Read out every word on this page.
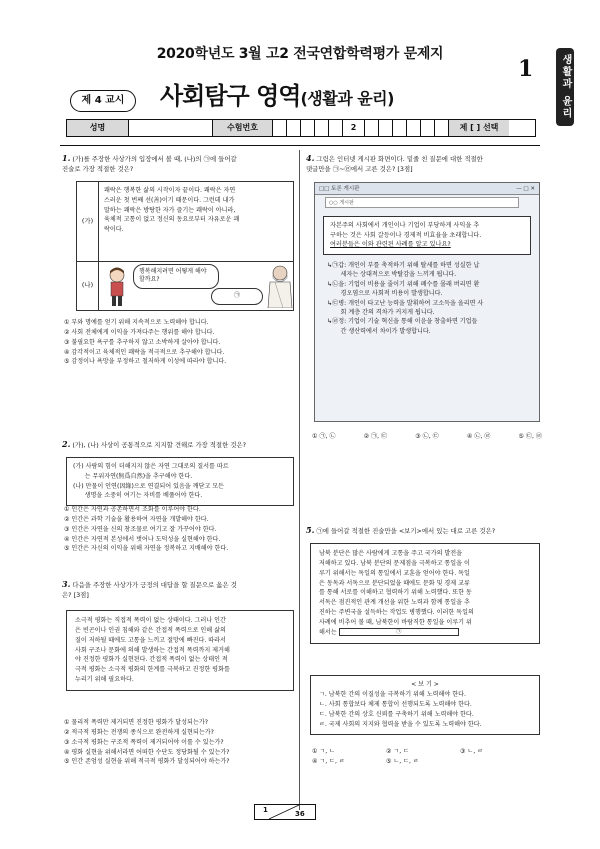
2020학년도 3월 고2 전국연합학력평가 문제지
1	생활과 윤리
제 4 교시	사회탐구 영역(생활과 윤리)
성명	수험번호	2	제 [ ] 선택
1. (가)를 주장한 사상가의 입장에서 볼 때, (나)의 ㉠에 들어갈
진술로 가장 적절한 것은?
(가)
쾌락은 행복한 삶의 시작이자 끝이다. 쾌락은 자연
스러운 첫 번째 선(善)이기 때문이다. 그런데 내가
말하는 쾌락은 방탕한 자가 즐기는 쾌락이 아니라,
육체적 고통이 없고 정신의 동요로부터 자유로운 쾌
락이다.
(나)
행복해지려면 어떻게 해야 할까요?
㉠
① 부와 명예를 얻기 위해 지속적으로 노력해야 합니다.
② 사회 전체에게 이익을 가져다주는 행위를 해야 합니다.
③ 불필요한 욕구를 추구하지 않고 소박하게 살아야 합니다.
④ 감각적이고 육체적인 쾌락을 적극적으로 추구해야 합니다.
⑤ 감정이나 욕망을 부정하고 철저하게 이성에 따라야 합니다.
2. (가), (나) 사상이 공통적으로 지지할 견해로 가장 적절한 것은?
(가) 사람의 힘이 더해지지 않은 자연 그대로의 질서를 따르
는 무위자연(無爲自然)을 추구해야 한다.
(나) 만물이 인연(因緣)으로 연결되어 있음을 깨닫고 모든
생명을 소중히 여기는 자비를 베풀어야 한다.
① 인간은 자연과 공존하면서 조화를 이루어야 한다.
② 인간은 과학 기술을 활용하여 자연을 개발해야 한다.
③ 인간은 자연을 신의 창조물로 여기고 잘 가꾸어야 한다.
④ 인간은 자연적 본성에서 벗어나 도덕성을 실현해야 한다.
⑤ 인간은 자신의 이익을 위해 자연을 정복하고 지배해야 한다.
3. 다음을 주장한 사상가가 긍정의 대답을 할 질문으로 옳은 것
은? [3점]
소극적 평화는 직접적 폭력이 없는 상태이다. 그러나 인간
은 빈곤이나 인권 침해와 같은 간접적 폭력으로 인해 삶의
질이 저하될 때에도 고통을 느끼고 절망에 빠진다. 따라서
사회 구조나 문화에 의해 발생하는 간접적 폭력까지 제거해
야 진정한 평화가 실현된다. 간접적 폭력이 없는 상태인 적
극적 평화는 소극적 평화의 한계를 극복하고 진정한 평화를
누리기 위해 필요하다.
① 물리적 폭력만 제거되면 진정한 평화가 달성되는가?
② 적극적 평화는 전쟁의 종식으로 완전하게 실현되는가?
③ 소극적 평화는 구조적 폭력이 제거되어야 이룰 수 있는가?
④ 평화 실현을 위해서라면 어떠한 수단도 정당화될 수 있는가?
⑤ 인간 존엄성 실현을 위해 적극적 평화가 달성되어야 하는가?
4. 그림은 인터넷 게시판 화면이다. 밑줄 친 질문에 대한 적절한
댓글만을 ㉠~㉣에서 고른 것은? [3점]
□□ 토론 게시판	— □ ✕
○○ 게시판
자본주의 사회에서 개인이나 기업이 부당하게 사익을 추
구하는 것은 사회 갈등이나 경제적 비효율을 초래합니다.
여러분들은 이와 관련된 사례를 알고 있나요?
↳㉠갑: 개인이 부를 축적하기 위해 탈세를 하면 성실한 납
세자는 상대적으로 박탈감을 느끼게 됩니다.
↳㉡을: 기업이 비용을 줄이기 위해 폐수를 몰래 버리면 환
경오염으로 사회적 비용이 발생합니다.
↳㉢병: 개인이 타고난 능력을 발휘하여 고소득을 올리면 사
회 계층 간의 격차가 커지게 됩니다.
↳㉣정: 기업이 기술 혁신을 통해 이윤을 창출하면 기업들
간 생산력에서 차이가 발생합니다.
① ㉠, ㉡	② ㉠, ㉢	③ ㉡, ㉢	④ ㉡, ㉣	⑤ ㉢, ㉣
5. ㉠에 들어갈 적절한 진술만을 <보기>에서 있는 대로 고른 것은?
남북 분단은 많은 사람에게 고통을 주고 국가의 발전을
저해하고 있다. 남북 분단의 문제점을 극복하고 통일을 이
루기 위해서는 독일의 통일에서 교훈을 얻어야 한다. 독일
은 동독과 서독으로 분단되었을 때에도 문화 및 경제 교류
를 통해 서로를 이해하고 협력하기 위해 노력했다. 또한 동
서독은 점진적인 관계 개선을 위한 노력과 함께 통일을 추
진하는 주변국을 설득하는 작업도 병행했다. 이러한 독일의
사례에 비추어 볼 때, 남북한이 바람직한 통일을 이루기 위
해서는	㉠
< 보 기 >
ㄱ. 남북한 간의 이질성을 극복하기 위해 노력해야 한다.
ㄴ. 사회 통합보다 체제 통합이 선행되도록 노력해야 한다.
ㄷ. 남북한 간의 상호 신뢰를 구축하기 위해 노력해야 한다.
ㄹ. 국제 사회의 지지와 협력을 받을 수 있도록 노력해야 한다.
① ㄱ, ㄴ	② ㄱ, ㄷ	③ ㄴ, ㄹ
④ ㄱ, ㄷ, ㄹ	⑤ ㄴ, ㄷ, ㄹ
1	36
